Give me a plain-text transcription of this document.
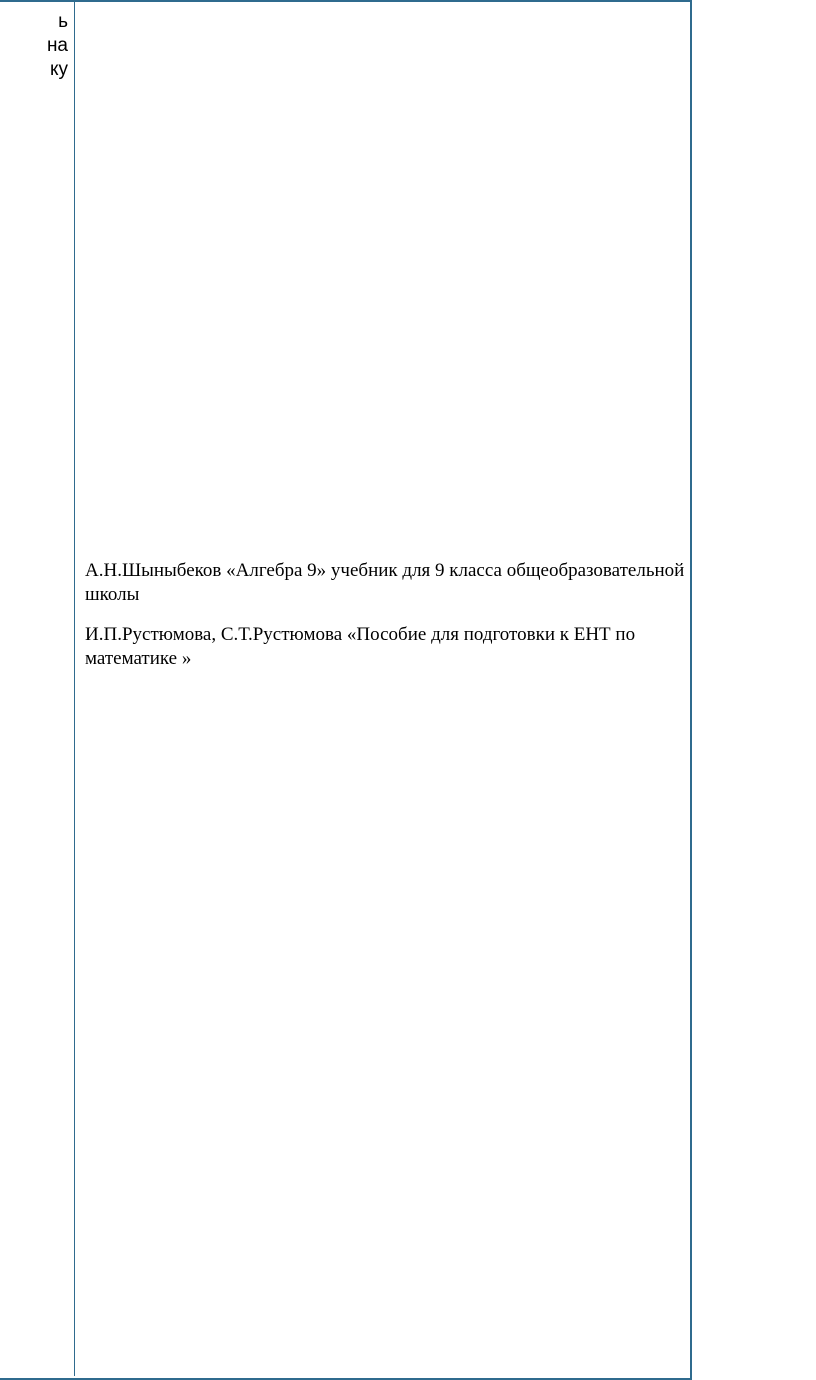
ь
на
ку
А.Н.Шыныбеков «Алгебра 9» учебник для 9 класса общеобразовательной школы
И.П.Рустюмова, С.Т.Рустюмова «Пособие для подготовки к ЕНТ по математике »
